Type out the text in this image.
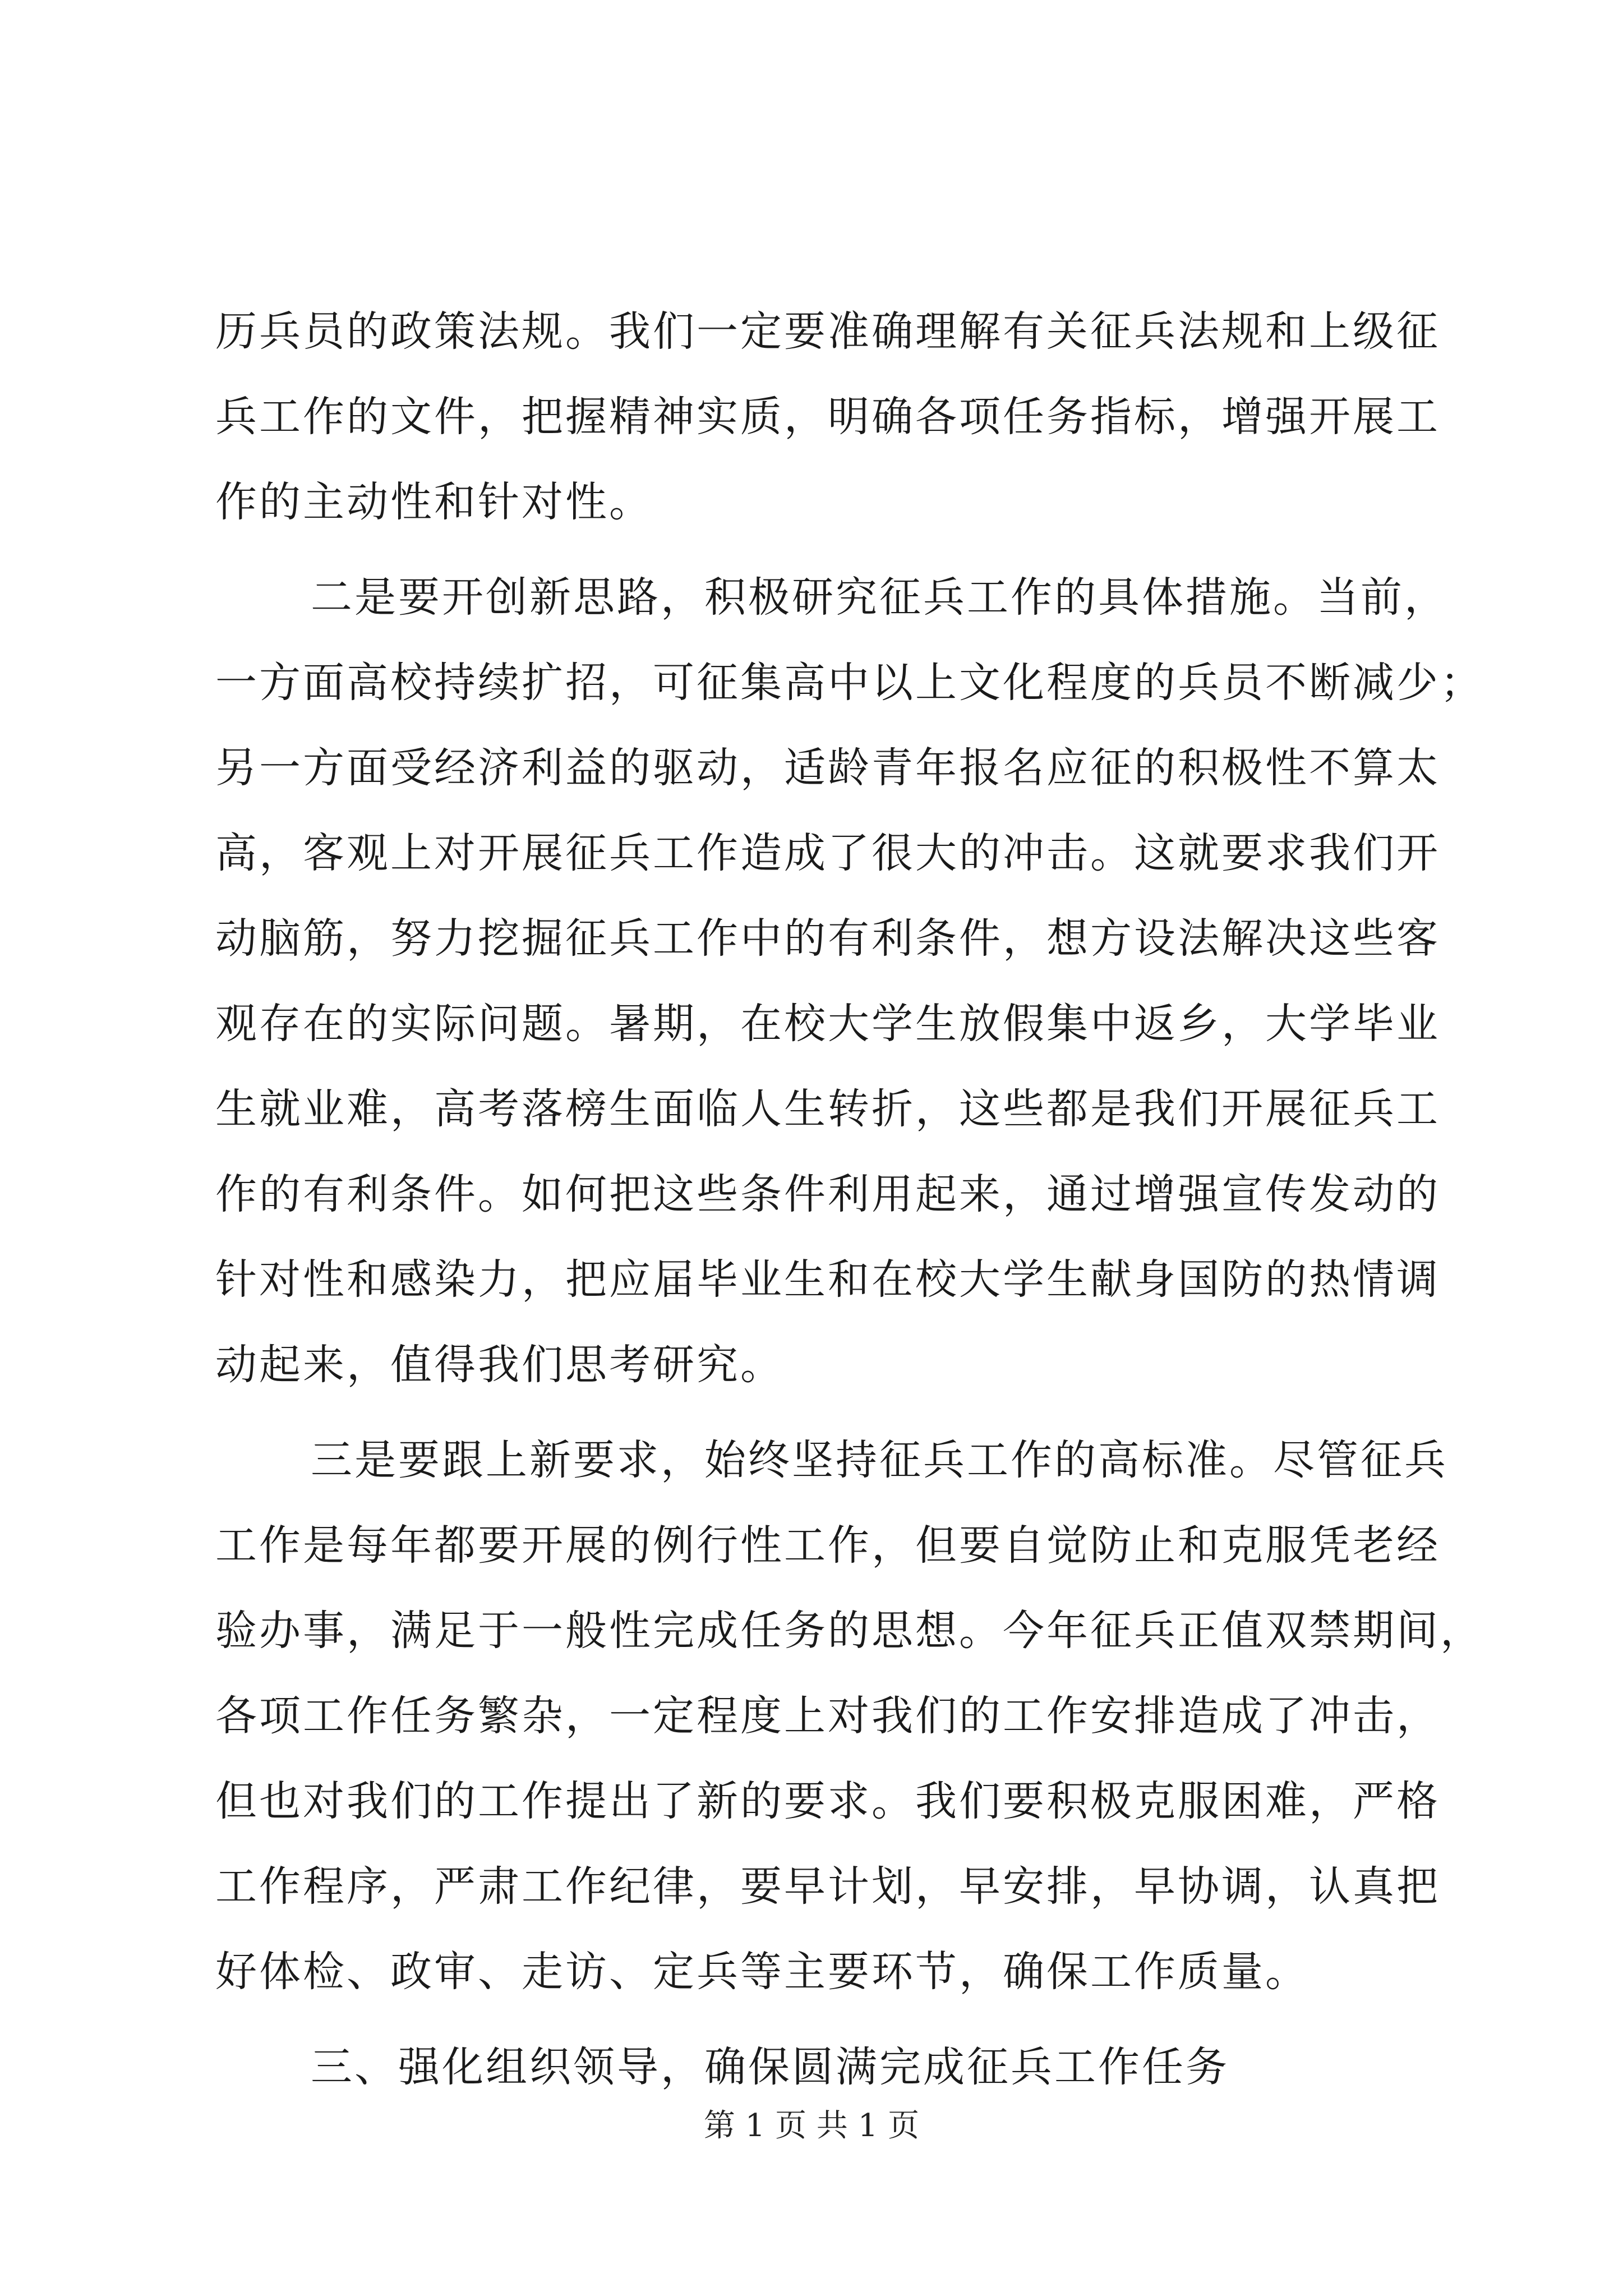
历兵员的政策法规。我们一定要准确理解有关征兵法规和上级征
兵工作的文件，把握精神实质，明确各项任务指标，增强开展工
作的主动性和针对性。
二是要开创新思路，积极研究征兵工作的具体措施。当前，
一方面高校持续扩招，可征集高中以上文化程度的兵员不断减少；
另一方面受经济利益的驱动，适龄青年报名应征的积极性不算太
高，客观上对开展征兵工作造成了很大的冲击。这就要求我们开
动脑筋，努力挖掘征兵工作中的有利条件，想方设法解决这些客
观存在的实际问题。暑期，在校大学生放假集中返乡，大学毕业
生就业难，高考落榜生面临人生转折，这些都是我们开展征兵工
作的有利条件。如何把这些条件利用起来，通过增强宣传发动的
针对性和感染力，把应届毕业生和在校大学生献身国防的热情调
动起来，值得我们思考研究。
三是要跟上新要求，始终坚持征兵工作的高标准。尽管征兵
工作是每年都要开展的例行性工作，但要自觉防止和克服凭老经
验办事，满足于一般性完成任务的思想。今年征兵正值双禁期间，
各项工作任务繁杂，一定程度上对我们的工作安排造成了冲击，
但也对我们的工作提出了新的要求。我们要积极克服困难，严格
工作程序，严肃工作纪律，要早计划，早安排，早协调，认真把
好体检、政审、走访、定兵等主要环节，确保工作质量。
三、强化组织领导，确保圆满完成征兵工作任务
第 1 页 共 1 页
